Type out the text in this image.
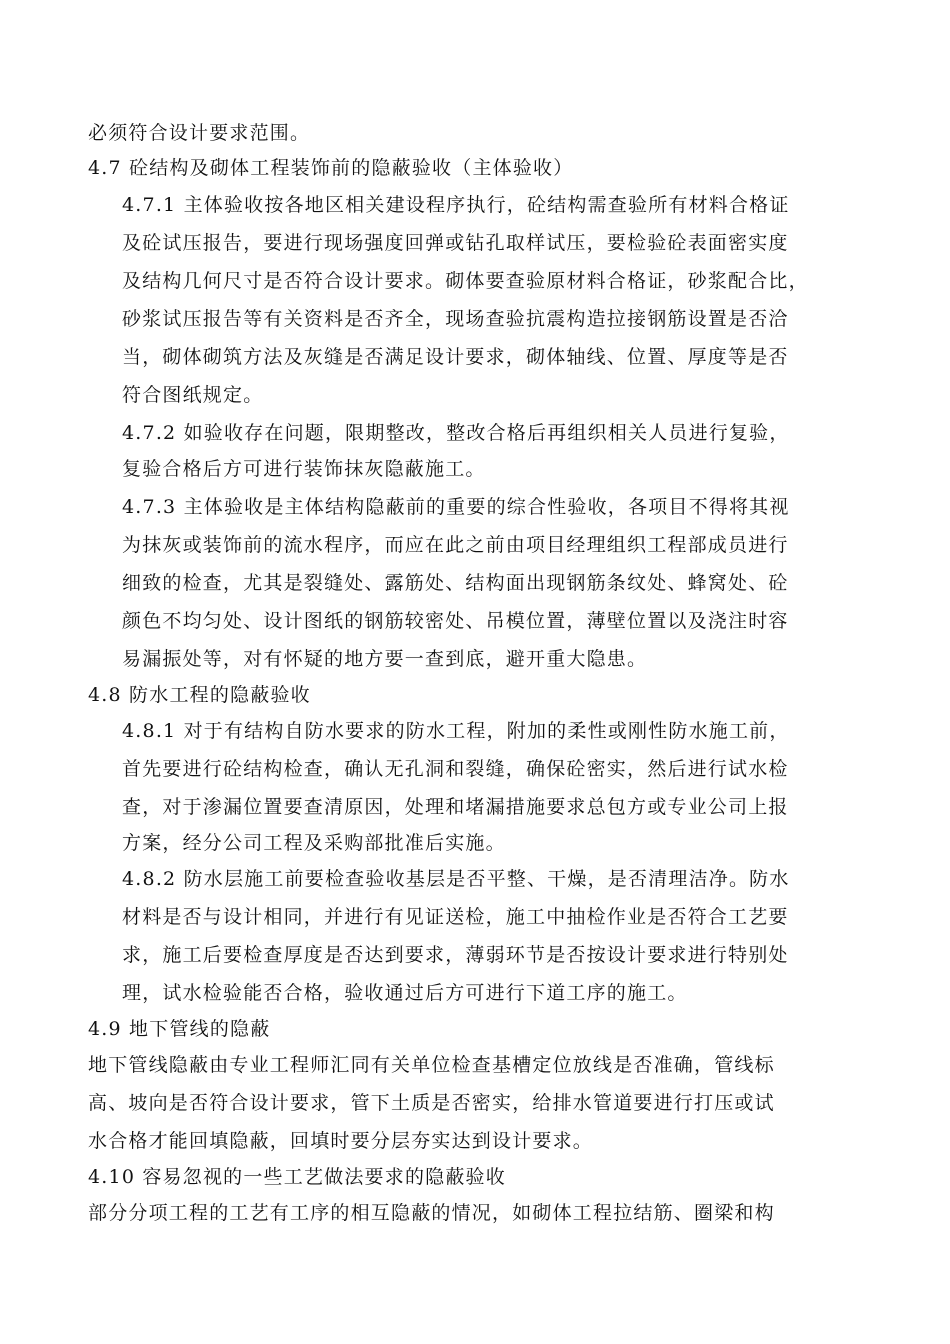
必须符合设计要求范围。
4.7 砼结构及砌体工程装饰前的隐蔽验收（主体验收）
4.7.1 主体验收按各地区相关建设程序执行，砼结构需查验所有材料合格证
及砼试压报告，要进行现场强度回弹或钻孔取样试压，要检验砼表面密实度
及结构几何尺寸是否符合设计要求。砌体要查验原材料合格证，砂浆配合比，
砂浆试压报告等有关资料是否齐全，现场查验抗震构造拉接钢筋设置是否洽
当，砌体砌筑方法及灰缝是否满足设计要求，砌体轴线、位置、厚度等是否
符合图纸规定。
4.7.2 如验收存在问题，限期整改，整改合格后再组织相关人员进行复验，
复验合格后方可进行装饰抹灰隐蔽施工。
4.7.3 主体验收是主体结构隐蔽前的重要的综合性验收，各项目不得将其视
为抹灰或装饰前的流水程序，而应在此之前由项目经理组织工程部成员进行
细致的检查，尤其是裂缝处、露筋处、结构面出现钢筋条纹处、蜂窝处、砼
颜色不均匀处、设计图纸的钢筋较密处、吊模位置，薄壁位置以及浇注时容
易漏振处等，对有怀疑的地方要一查到底，避开重大隐患。
4.8 防水工程的隐蔽验收
4.8.1 对于有结构自防水要求的防水工程，附加的柔性或刚性防水施工前，
首先要进行砼结构检查，确认无孔洞和裂缝，确保砼密实，然后进行试水检
查，对于渗漏位置要查清原因，处理和堵漏措施要求总包方或专业公司上报
方案，经分公司工程及采购部批准后实施。
4.8.2 防水层施工前要检查验收基层是否平整、干燥，是否清理洁净。防水
材料是否与设计相同，并进行有见证送检，施工中抽检作业是否符合工艺要
求，施工后要检查厚度是否达到要求，薄弱环节是否按设计要求进行特别处
理，试水检验能否合格，验收通过后方可进行下道工序的施工。
4.9 地下管线的隐蔽
地下管线隐蔽由专业工程师汇同有关单位检查基槽定位放线是否准确，管线标
高、坡向是否符合设计要求，管下土质是否密实，给排水管道要进行打压或试
水合格才能回填隐蔽，回填时要分层夯实达到设计要求。
4.10 容易忽视的一些工艺做法要求的隐蔽验收
部分分项工程的工艺有工序的相互隐蔽的情况，如砌体工程拉结筋、圈梁和构
